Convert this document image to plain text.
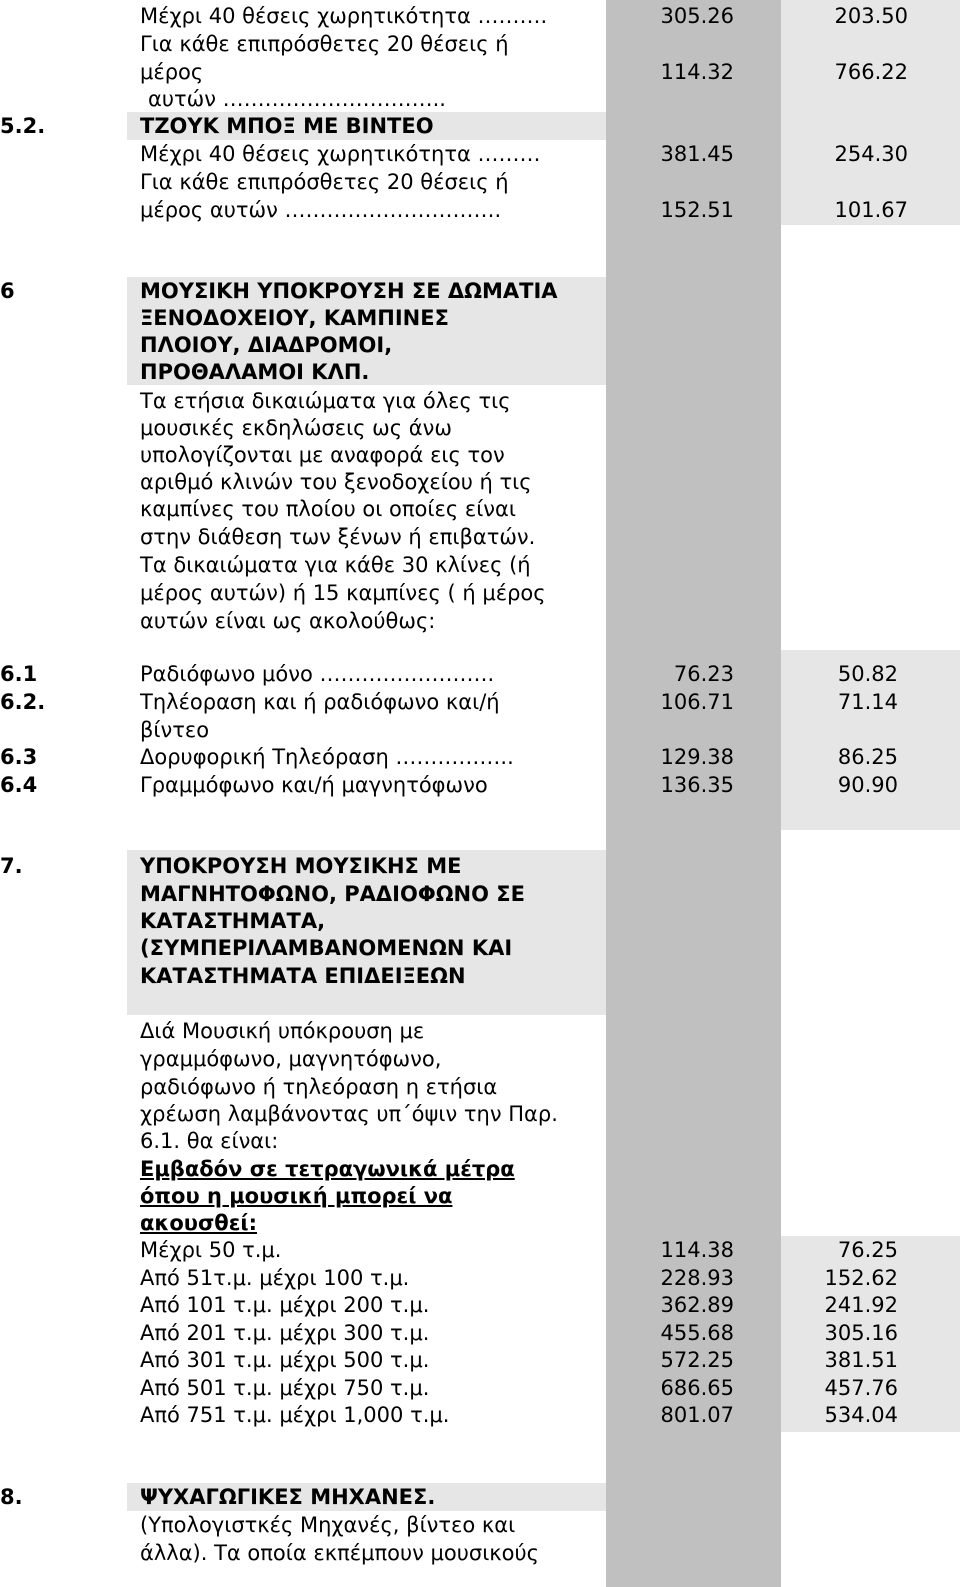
Μέχρι 40 θέσεις χωρητικότητα ……….	305.26	203.50
Για κάθε επιπρόσθετες 20 θέσεις ή
μέρος	114.32	766.22
αυτών …………………………..
5.2.	ΤΖΟΥΚ ΜΠΟΞ ΜΕ ΒΙΝΤΕΟ
Μέχρι 40 θέσεις χωρητικότητα ………	381.45	254.30
Για κάθε επιπρόσθετες 20 θέσεις ή
μέρος αυτών ………………………….	152.51	101.67
6	ΜΟΥΣΙΚΗ ΥΠΟΚΡΟΥΣΗ ΣΕ ΔΩΜΑΤΙΑ
ΞΕΝΟΔΟΧΕΙΟΥ, ΚΑΜΠΙΝΕΣ
ΠΛΟΙΟΥ, ΔΙΑΔΡΟΜΟΙ,
ΠΡΟΘΑΛΑΜΟΙ ΚΛΠ.
Τα ετήσια δικαιώματα για όλες τις
μουσικές εκδηλώσεις ως άνω
υπολογίζονται με αναφορά εις τον
αριθμό κλινών του ξενοδοχείου ή τις
καμπίνες του πλοίου οι οποίες είναι
στην διάθεση των ξένων ή επιβατών.
Τα δικαιώματα για κάθε 30 κλίνες (ή
μέρος αυτών) ή 15 καμπίνες ( ή μέρος
αυτών είναι ως ακολούθως:
6.1	Ραδιόφωνο μόνο …………………….	76.23	50.82
6.2.	Τηλέοραση και ή ραδιόφωνο και/ή	106.71	71.14
βίντεο
6.3	Δορυφορική Τηλεόραση ……………..	129.38	86.25
6.4	Γραμμόφωνο και/ή μαγνητόφωνο	136.35	90.90
7.	ΥΠΟΚΡΟΥΣΗ ΜΟΥΣΙΚΗΣ ΜΕ
ΜΑΓΝΗΤΟΦΩΝΟ, ΡΑΔΙΟΦΩΝΟ ΣΕ
ΚΑΤΑΣΤΗΜΑΤΑ,
(ΣΥΜΠΕΡΙΛΑΜΒΑΝΟΜΕΝΩΝ ΚΑΙ
ΚΑΤΑΣΤΗΜΑΤΑ ΕΠΙΔΕΙΞΕΩΝ
Διά Μουσική υπόκρουση με
γραμμόφωνο, μαγνητόφωνο,
ραδιόφωνο ή τηλεόραση η ετήσια
χρέωση λαμβάνοντας υπ΄όψιν την Παρ.
6.1. θα είναι:
Εμβαδόν σε τετραγωνικά μέτρα
όπου η μουσική μπορεί να
ακουσθεί:
Μέχρι 50 τ.μ.	114.38	76.25
Από 51τ.μ. μέχρι 100 τ.μ.	228.93	152.62
Από 101 τ.μ. μέχρι 200 τ.μ.	362.89	241.92
Από 201 τ.μ. μέχρι 300 τ.μ.	455.68	305.16
Από 301 τ.μ. μέχρι 500 τ.μ.	572.25	381.51
Από 501 τ.μ. μέχρι 750 τ.μ.	686.65	457.76
Από 751 τ.μ. μέχρι 1,000 τ.μ.	801.07	534.04
8.	ΨΥΧΑΓΩΓΙΚΕΣ ΜΗΧΑΝΕΣ.
(Υπολογιστκές Μηχανές, βίντεο και
άλλα). Τα οποία εκπέμπουν μουσικούς
